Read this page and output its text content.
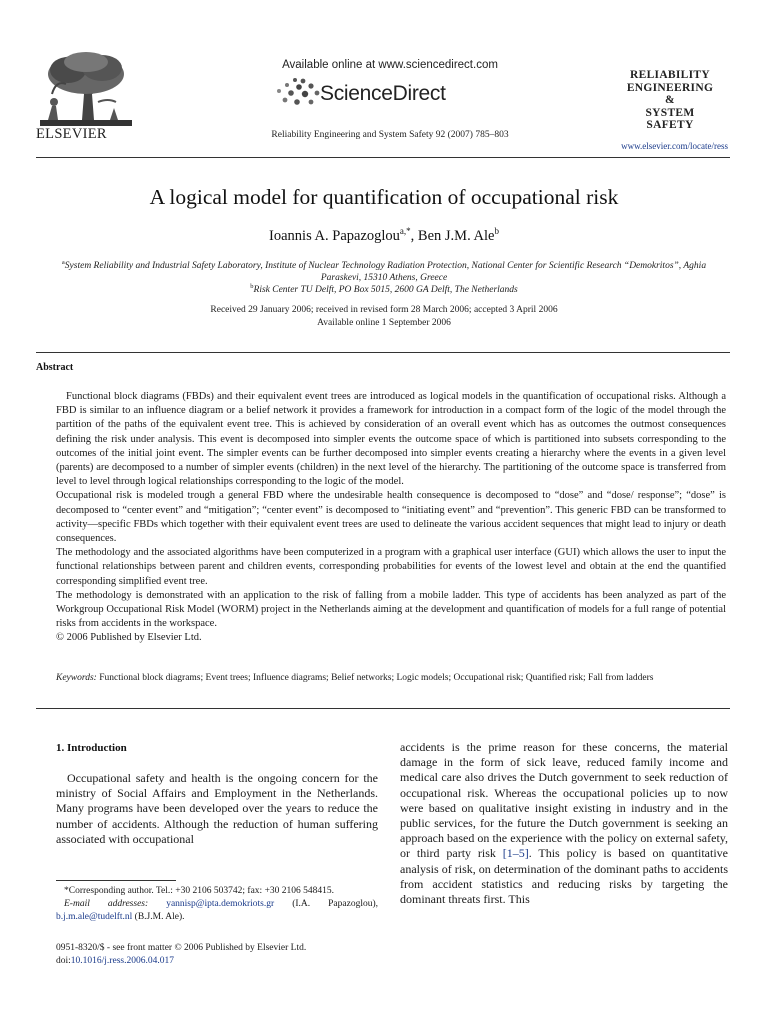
ELSEVIER
Available online at www.sciencedirect.com
ScienceDirect
Reliability Engineering and System Safety 92 (2007) 785–803
RELIABILITY
ENGINEERING
&
SYSTEM
SAFETY
www.elsevier.com/locate/ress
A logical model for quantification of occupational risk
Ioannis A. Papazoglou$^{a,*}$, Ben J.M. Ale$^b$
$^a$System Reliability and Industrial Safety Laboratory, Institute of Nuclear Technology Radiation Protection, National Center for Scientific Research “Demokritos”, Aghia Paraskevi, 15310 Athens, Greece
$^b$Risk Center TU Delft, PO Box 5015, 2600 GA Delft, The Netherlands
Received 29 January 2006; received in revised form 28 March 2006; accepted 3 April 2006
Available online 1 September 2006
Abstract

Functional block diagrams (FBDs) and their equivalent event trees are introduced as logical models in the quantification of occupational risks. Although a FBD is similar to an influence diagram or a belief network it provides a framework for introduction in a compact form of the logic of the model through the partition of the paths of the equivalent event tree. This is achieved by consideration of an overall event which has as outcomes the outmost consequences defining the risk under analysis. This event is decomposed into simpler events the outcome space of which is partitioned into subsets corresponding to the outcomes of the initial joint event. The simpler events can be further decomposed into simpler events creating a hierarchy where the events in a given level (parents) are decomposed to a number of simpler events (children) in the next level of the hierarchy. The partitioning of the outcome space is transferred from level to level through logical relationships corresponding to the logic of the model.

Occupational risk is modeled trough a general FBD where the undesirable health consequence is decomposed to “dose” and “dose/ response”; “dose” is decomposed to “center event” and “mitigation”; “center event” is decomposed to “initiating event” and “prevention”. This generic FBD can be transformed to activity—specific FBDs which together with their equivalent event trees are used to delineate the various accident sequences that might lead to injury or death consequences.

The methodology and the associated algorithms have been computerized in a program with a graphical user interface (GUI) which allows the user to input the functional relationships between parent and children events, corresponding probabilities for events of the lowest level and obtain at the end the quantified corresponding simplified event tree.

The methodology is demonstrated with an application to the risk of falling from a mobile ladder. This type of accidents has been analyzed as part of the Workgroup Occupational Risk Model (WORM) project in the Netherlands aiming at the development and quantification of models for a full range of potential risks from accidents in the workspace.

© 2006 Published by Elsevier Ltd.

Keywords: Functional block diagrams; Event trees; Influence diagrams; Belief networks; Logic models; Occupational risk; Quantified risk; Fall from ladders
1. Introduction
Occupational safety and health is the ongoing concern for the ministry of Social Affairs and Employment in the Netherlands. Many programs have been developed over the years to reduce the number of accidents. Although the reduction of human suffering associated with occupational
accidents is the prime reason for these concerns, the material damage in the form of sick leave, reduced family income and medical care also drives the Dutch government to seek reduction of occupational risk. Whereas the occupational policies up to now were based on qualitative insight existing in industry and in the public services, for the future the Dutch government is seeking an approach based on the experience with the policy on external safety, or third party risk [1–5]. This policy is based on quantitative analysis of risk, on determination of the dominant paths to accidents from accident statistics and reducing risks by targeting the dominant threats first. This
*Corresponding author. Tel.: +30 2106 503742; fax: +30 2106 548415.
E-mail addresses: yannisp@ipta.demokriots.gr (I.A. Papazoglou), b.j.m.ale@tudelft.nl (B.J.M. Ale).
0951-8320/$ - see front matter © 2006 Published by Elsevier Ltd.
doi:10.1016/j.ress.2006.04.017
